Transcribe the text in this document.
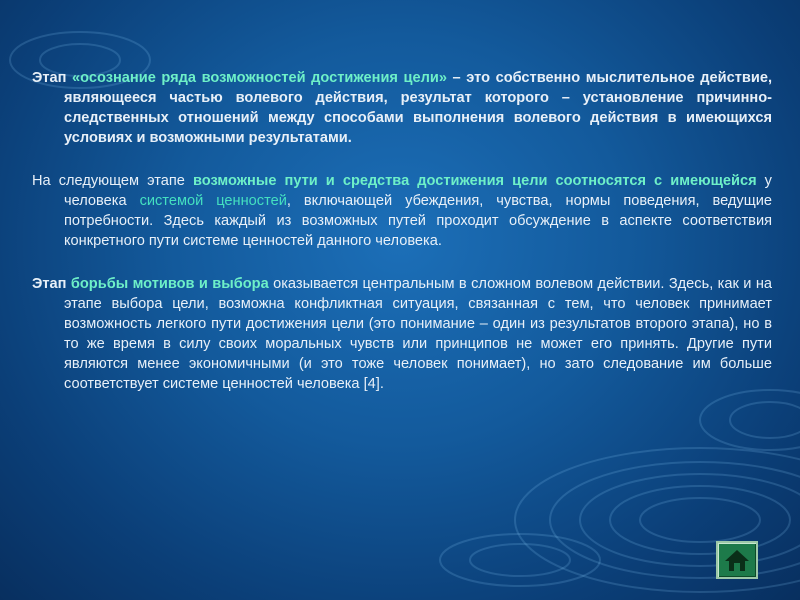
Этап «осознание ряда возможностей достижения цели» – это собственно мыслительное действие, являющееся частью волевого действия, результат которого – установление причинно-следственных отношений между способами выполнения волевого действия в имеющихся условиях и возможными результатами.

На следующем этапе возможные пути и средства достижения цели соотносятся с имеющейся у человека системой ценностей, включающей убеждения, чувства, нормы поведения, ведущие потребности. Здесь каждый из возможных путей проходит обсуждение в аспекте соответствия конкретного пути системе ценностей данного человека.

Этап борьбы мотивов и выбора оказывается центральным в сложном волевом действии. Здесь, как и на этапе выбора цели, возможна конфликтная ситуация, связанная с тем, что человек принимает возможность легкого пути достижения цели (это понимание – один из результатов второго этапа), но в то же время в силу своих моральных чувств или принципов не может его принять. Другие пути являются менее экономичными (и это тоже человек понимает), но зато следование им больше соответствует системе ценностей человека [4].
